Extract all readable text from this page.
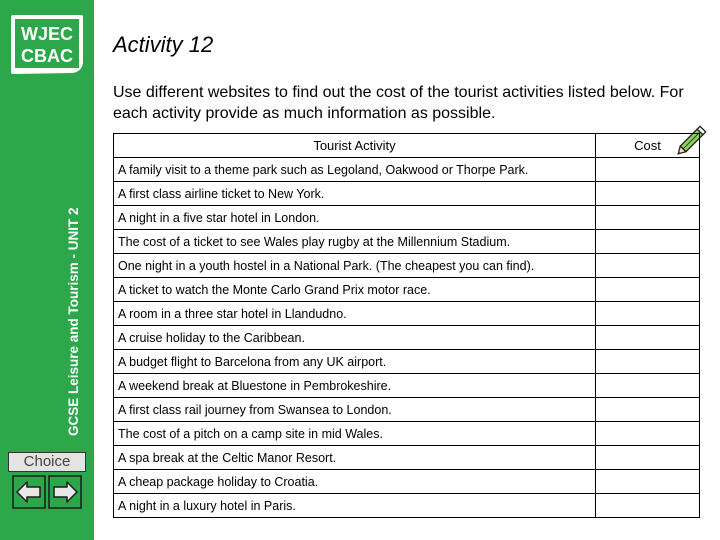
WJEC
CBAC
GCSE Leisure and Tourism - UNIT 2
Choice
Activity 12
Use different websites to find out the cost of the tourist activities listed below. For each activity provide as much information as possible.
Tourist Activity	Cost
A family visit to a theme park such as Legoland, Oakwood or Thorpe Park.	
A first class airline ticket to New York.	
A night in a five star hotel in London.	
The cost of a ticket to see Wales play rugby at the Millennium Stadium.	
One night in a youth hostel in a National Park. (The cheapest you can find).	
A ticket to watch the Monte Carlo Grand Prix motor race.	
A room in a three star hotel in Llandudno.	
A cruise holiday to the Caribbean.	
A budget flight to Barcelona from any UK airport.	
A weekend break at Bluestone in Pembrokeshire.	
A first class rail journey from Swansea to London.	
The cost of a pitch on a camp site in mid Wales.	
A spa break at the Celtic Manor Resort.	
A cheap package holiday to Croatia.	
A night in a luxury hotel in Paris.	
